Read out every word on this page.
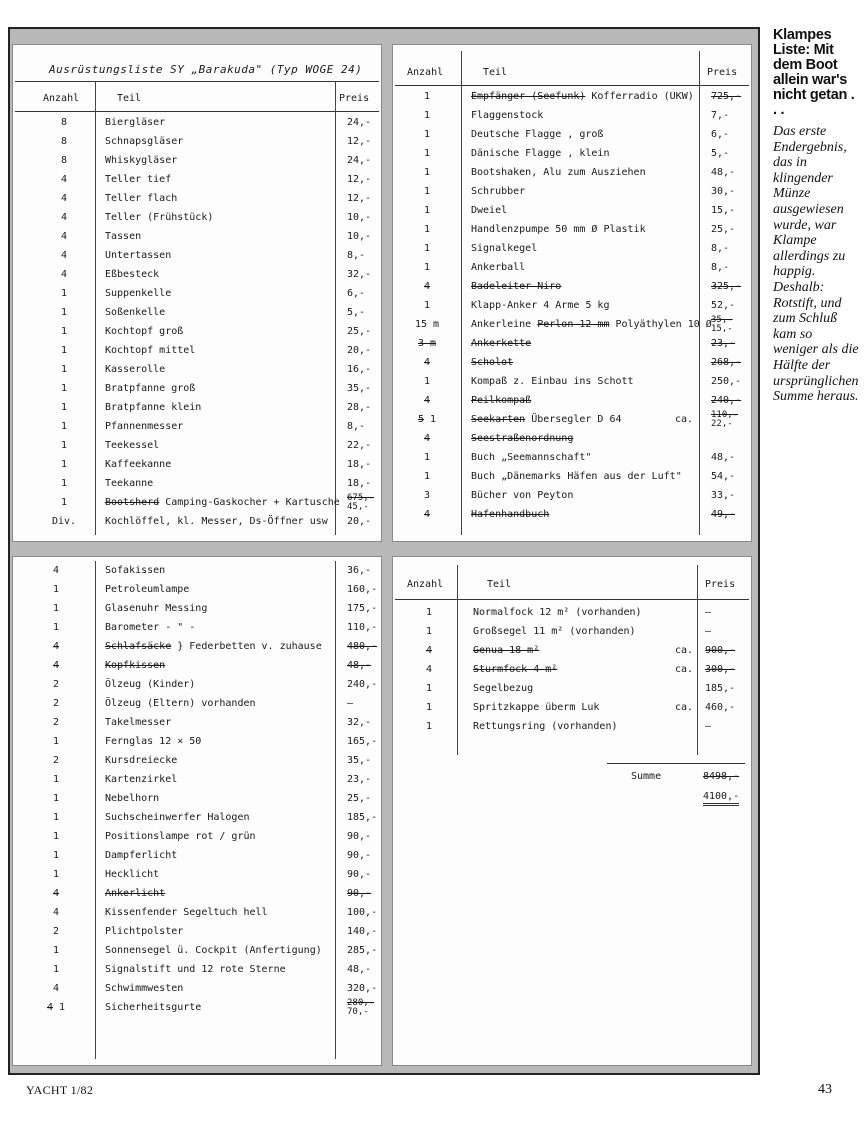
Ausrüstungsliste SY „Barakuda" (Typ WOGE 24)
Anzahl	Teil	Preis
8	Biergläser	24,-
8	Schnapsgläser	12,-
8	Whiskygläser	24,-
4	Teller tief	12,-
4	Teller flach	12,-
4	Teller (Frühstück)	10,-
4	Tassen	10,-
4	Untertassen	8,-
4	Eßbesteck	32,-
1	Suppenkelle	6,-
1	Soßenkelle	5,-
1	Kochtopf groß	25,-
1	Kochtopf mittel	20,-
1	Kasserolle	16,-
1	Bratpfanne groß	35,-
1	Bratpfanne klein	28,-
1	Pfannenmesser	8,-
1	Teekessel	22,-
1	Kaffeekanne	18,-
1	Teekanne	18,-
1	Bootsherd Camping-Gaskocher + Kartusche 675,-
45,-
Div.	Kochlöffel, kl. Messer, Ds-Öffner usw	20,-
Anzahl	Teil	Preis
1	Empfänger (Seefunk) Kofferradio (UKW) 725,-
1	Flaggenstock	7,-
1	Deutsche Flagge , groß	6,-
1	Dänische Flagge , klein	5,-
1	Bootshaken, Alu zum Ausziehen	48,-
1	Schrubber	30,-
1	Dweiel	15,-
1	Handlenzpumpe 50 mm Ø Plastik	25,-
1	Signalkegel	8,-
1	Ankerball	8,-
4	Badeleiter Niro	325,-
1	Klapp-Anker 4 Arme 5 kg	52,-
15 m	Ankerleine Perlon 12 mm Polyäthylen 10 Ø 35,-
15,-
3 m	Ankerkette	23,-
4	Scholot	268,-
1	Kompaß z. Einbau ins Schott	250,-
4	Peilkompaß	240,-
5 1	Seekarten Übersegler D 64	ca. 110,-
22,-
4	Seestraßenordnung
1	Buch „Seemannschaft"	48,-
1	Buch „Dänemarks Häfen aus der Luft"	54,-
3	Bücher von Peyton	33,-
4	Hafenhandbuch	49,-
4	Sofakissen	36,-
1	Petroleumlampe	160,-
1	Glasenuhr Messing	175,-
1	Barometer - " -	110,-
4	Schlafsäcke } Federbetten v. zuhause	480,-
4	Kopfkissen	48,-
2	Ölzeug (Kinder)	240,-
2	Ölzeug (Eltern) vorhanden	—
2	Takelmesser	32,-
1	Fernglas 12 × 50	165,-
2	Kursdreiecke	35,-
1	Kartenzirkel	23,-
1	Nebelhorn	25,-
1	Suchscheinwerfer Halogen	185,-
1	Positionslampe rot / grün	90,-
1	Dampferlicht	90,-
1	Hecklicht	90,-
4	Ankerlicht	90,-
4	Kissenfender Segeltuch hell	100,-
2	Plichtpolster	140,-
1	Sonnensegel ü. Cockpit (Anfertigung)	285,-
1	Signalstift und 12 rote Sterne	48,-
4	Schwimmwesten	320,-
4 1	Sicherheitsgurte	280,-
70,-
Anzahl	Teil	Preis
1	Normalfock 12 m² (vorhanden)	—
1	Großsegel 11 m² (vorhanden)	—
4	Genua 18 m²	ca. 900,-
4	Sturmfock 4 m²	ca. 300,-
1	Segelbezug	185,-
1	Spritzkappe überm Luk	ca. 460,-
1	Rettungsring (vorhanden)	—
Summe	8498,-
4100,-

Klampes Liste: Mit dem Boot allein war's nicht getan . . .

Das erste Endergebnis, das in klingender Münze ausgewiesen wurde, war Klampe allerdings zu happig. Deshalb: Rotstift, und zum Schluß kam so weniger als die Hälfte der ursprünglichen Summe heraus.

YACHT 1/82	43
